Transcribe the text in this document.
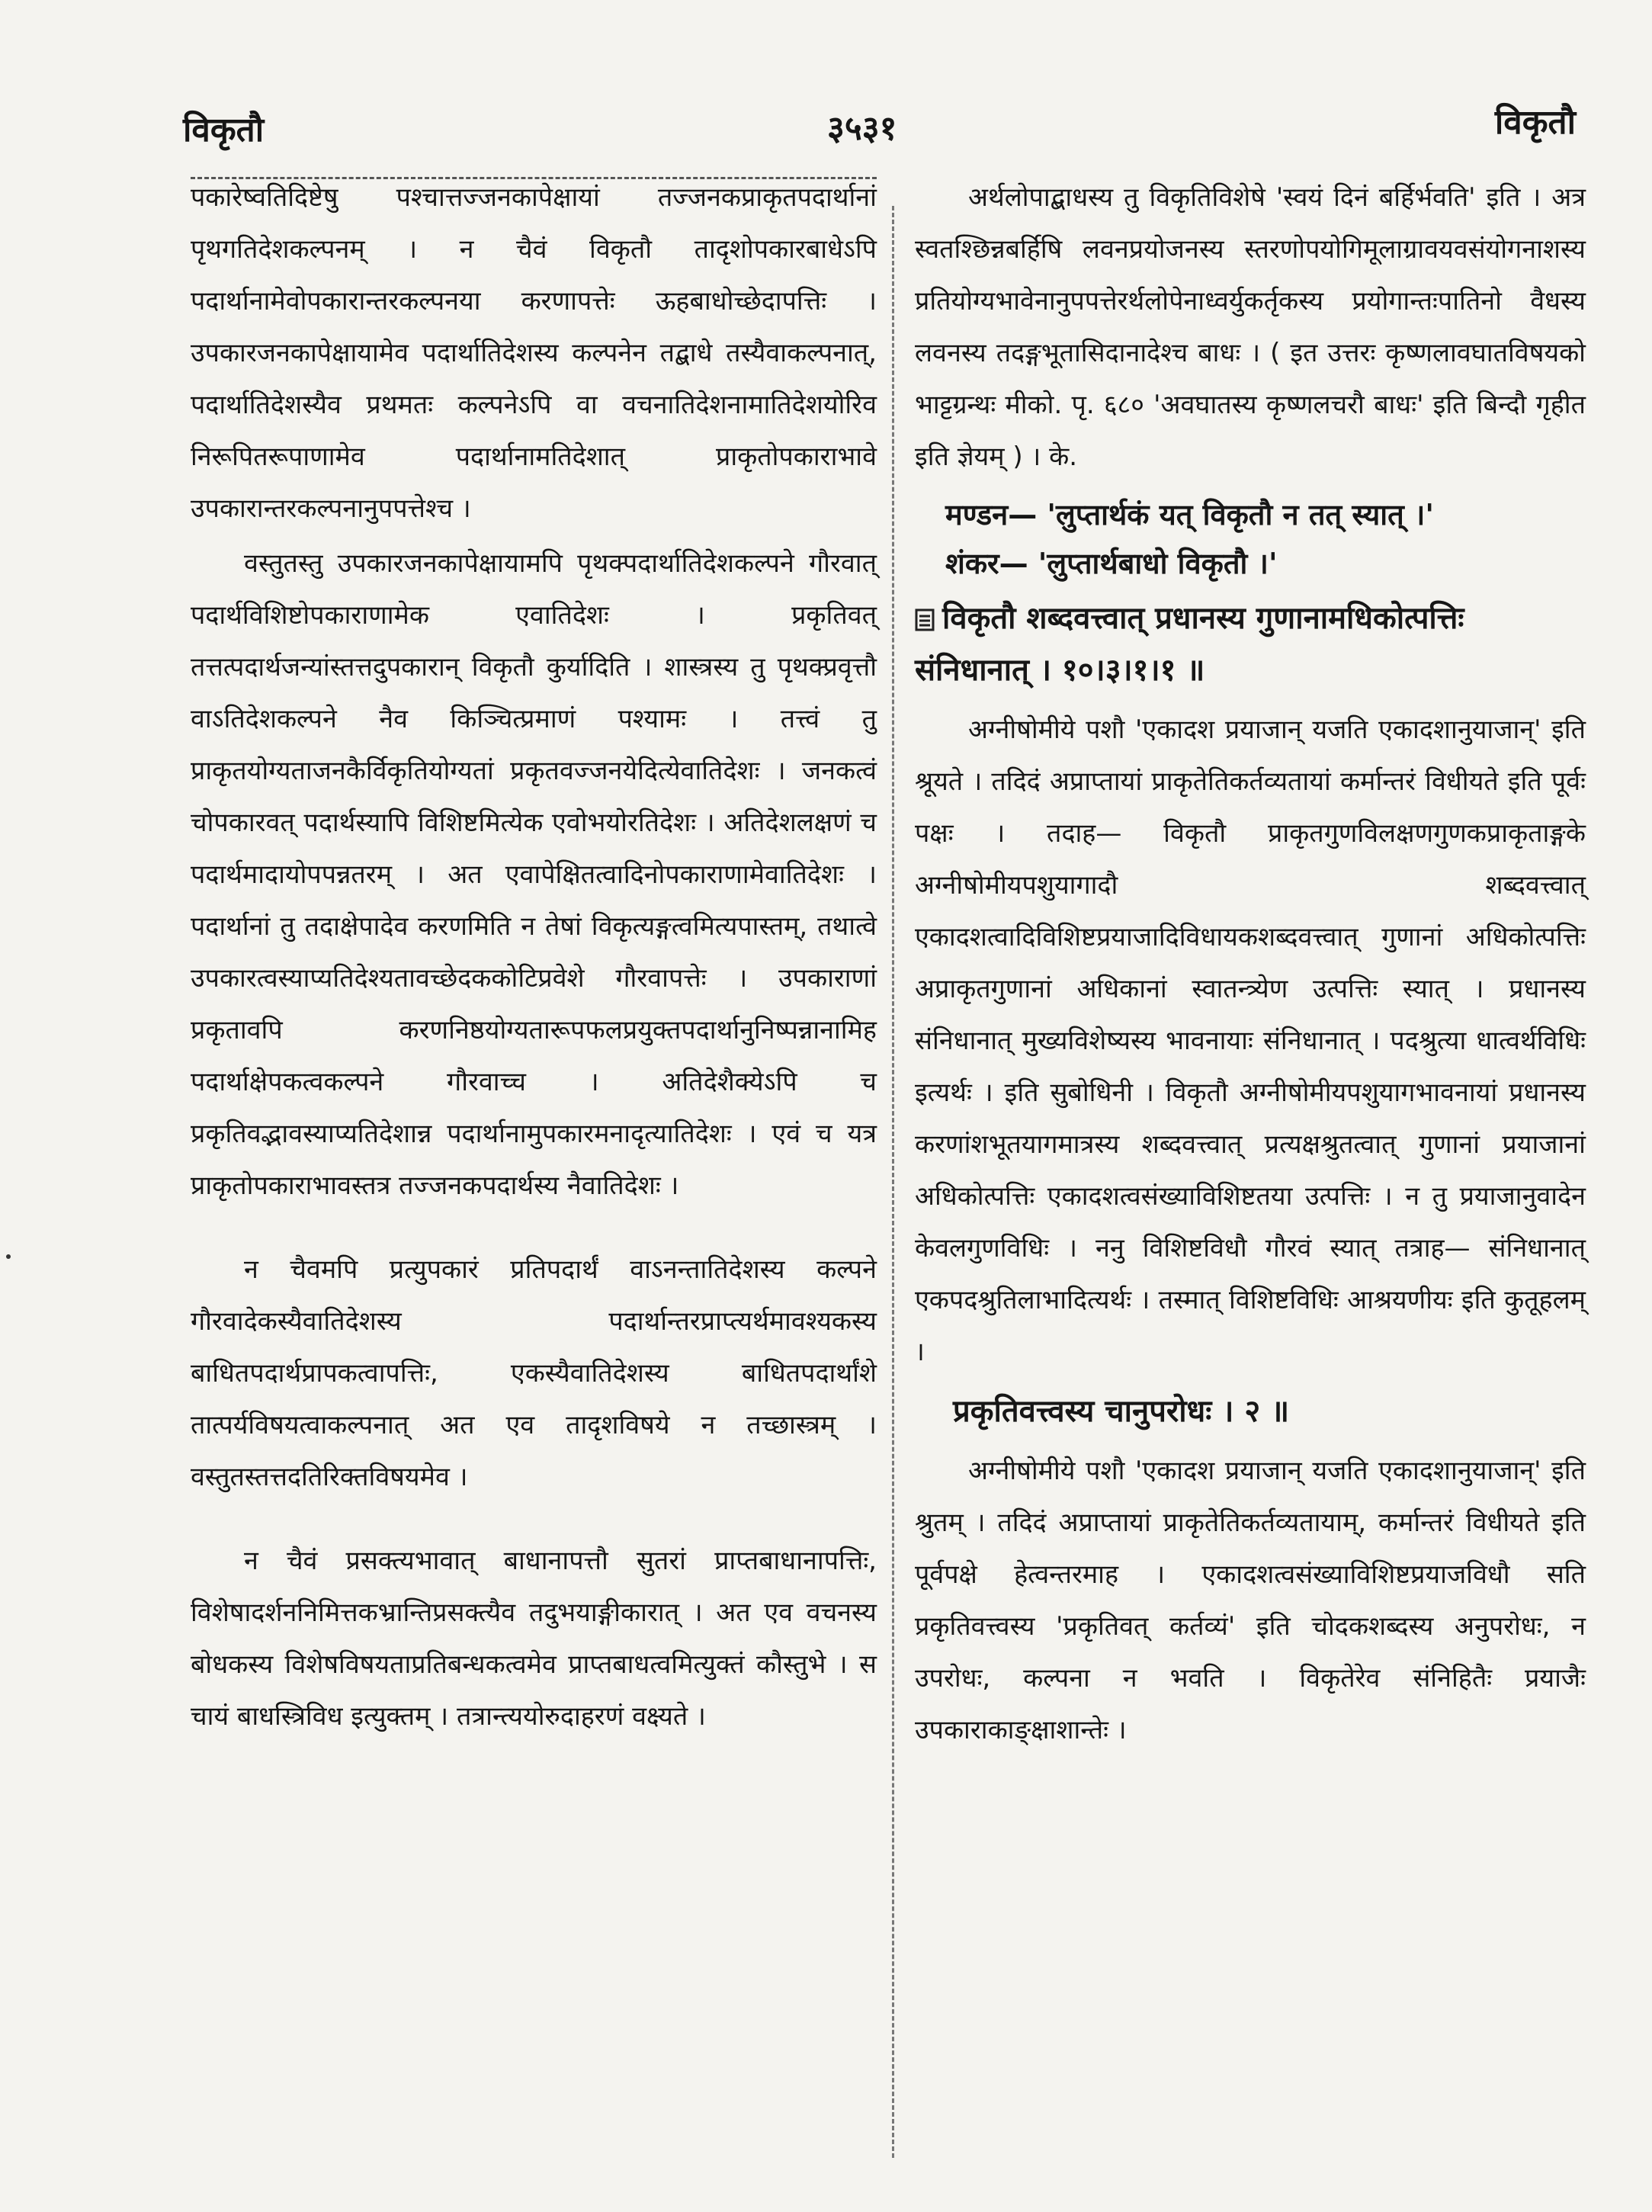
विकृतौ	३५३१	विकृतौ

पकारेष्वतिदिष्टेषु पश्चात्तज्जनकापेक्षायां तज्जनकप्राकृतपदार्थानां पृथगतिदेशकल्पनम् । न चैवं विकृतौ तादृशोपकारबाधेऽपि पदार्थानामेवोपकारान्तरकल्पनया करणापत्तेः ऊहबाधोच्छेदापत्तिः । उपकारजनकापेक्षायामेव पदार्थातिदेशस्य कल्पनेन तद्बाधे तस्यैवाकल्पनात्, पदार्थातिदेशस्यैव प्रथमतः कल्पनेऽपि वा वचनातिदेशनामातिदेशयोरिव निरूपितरूपाणामेव पदार्थानामतिदेशात् प्राकृतोपकाराभावे उपकारान्तरकल्पनानुपपत्तेश्च ।

वस्तुतस्तु उपकारजनकापेक्षायामपि पृथक्पदार्थातिदेशकल्पने गौरवात् पदार्थविशिष्टोपकाराणामेक एवातिदेशः । प्रकृतिवत् तत्तत्पदार्थजन्यांस्तत्तदुपकारान् विकृतौ कुर्यादिति । शास्त्रस्य तु पृथक्प्रवृत्तौ वाऽतिदेशकल्पने नैव किञ्चित्प्रमाणं पश्यामः । तत्त्वं तु प्राकृतयोग्यताजनकैर्विकृतियोग्यतां प्रकृतवज्जनयेदित्येवातिदेशः । जनकत्वं चोपकारवत् पदार्थस्यापि विशिष्टमित्येक एवोभयोरतिदेशः । अतिदेशलक्षणं च पदार्थमादायोपपन्नतरम् । अत एवापेक्षितत्वादिनोपकाराणामेवातिदेशः । पदार्थानां तु तदाक्षेपादेव करणमिति न तेषां विकृत्यङ्गत्वमित्यपास्तम्, तथात्वे उपकारत्वस्याप्यतिदेश्यतावच्छेदककोटिप्रवेशे गौरवापत्तेः । उपकाराणां प्रकृतावपि करणनिष्ठयोग्यतारूपफलप्रयुक्तपदार्थानुनिष्पन्नानामिह पदार्थाक्षेपकत्वकल्पने गौरवाच्च । अतिदेशैक्येऽपि च प्रकृतिवद्भावस्याप्यतिदेशान्न पदार्थानामुपकारमनादृत्यातिदेशः । एवं च यत्र प्राकृतोपकाराभावस्तत्र तज्जनकपदार्थस्य नैवातिदेशः ।

न चैवमपि प्रत्युपकारं प्रतिपदार्थं वाऽनन्तातिदेशस्य कल्पने गौरवादेकस्यैवातिदेशस्य पदार्थान्तरप्राप्त्यर्थमावश्यकस्य बाधितपदार्थप्रापकत्वापत्तिः, एकस्यैवातिदेशस्य बाधितपदार्थांशे तात्पर्यविषयत्वाकल्पनात् अत एव तादृशविषये न तच्छास्त्रम् । वस्तुतस्तत्तदतिरिक्तविषयमेव ।

न चैवं प्रसक्त्यभावात् बाधानापत्तौ सुतरां प्राप्तबाधानापत्तिः, विशेषादर्शननिमित्तकभ्रान्तिप्रसक्त्यैव तदुभयाङ्गीकारात् । अत एव वचनस्य बोधकस्य विशेषविषयताप्रतिबन्धकत्वमेव प्राप्तबाधत्वमित्युक्तं कौस्तुभे । स चायं बाधस्त्रिविध इत्युक्तम् । तत्रान्त्ययोरुदाहरणं वक्ष्यते ।

अर्थलोपाद्बाधस्य तु विकृतिविशेषे 'स्वयं दिनं बर्हिर्भवति' इति । अत्र स्वतश्छिन्नबर्हिषि लवनप्रयोजनस्य स्तरणोपयोगिमूलाग्रावयवसंयोगनाशस्य प्रतियोग्यभावेनानुपपत्तेरर्थलोपेनाध्वर्युकर्तृकस्य प्रयोगान्तःपातिनो वैधस्य लवनस्य तदङ्गभूतासिदानादेश्च बाधः । ( इत उत्तरः कृष्णलावघातविषयको भाट्टग्रन्थः मीको. पृ. ६८० 'अवघातस्य कृष्णलचरौ बाधः' इति बिन्दौ गृहीत इति ज्ञेयम् ) । के.

मण्डन— 'लुप्तार्थकं यत् विकृतौ न तत् स्यात् ।'
शंकर— 'लुप्तार्थबाधो विकृतौ ।'
विकृतौ शब्दवत्त्वात् प्रधानस्य गुणानामधिकोत्पत्तिः संनिधानात् । १०।३।१।१ ॥

अग्नीषोमीये पशौ 'एकादश प्रयाजान् यजति एकादशानुयाजान्' इति श्रूयते । तदिदं अप्राप्तायां प्राकृतेतिकर्तव्यतायां कर्मान्तरं विधीयते इति पूर्वः पक्षः । तदाह— विकृतौ प्राकृतगुणविलक्षणगुणकप्राकृताङ्गके अग्नीषोमीयपशुयागादौ शब्दवत्त्वात् एकादशत्वादिविशिष्टप्रयाजादिविधायकशब्दवत्त्वात् गुणानां अधिकोत्पत्तिः अप्राकृतगुणानां अधिकानां स्वातन्त्र्येण उत्पत्तिः स्यात् । प्रधानस्य संनिधानात् मुख्यविशेष्यस्य भावनायाः संनिधानात् । पदश्रुत्या धात्वर्थविधिः इत्यर्थः । इति सुबोधिनी । विकृतौ अग्नीषोमीयपशुयागभावनायां प्रधानस्य करणांशभूतयागमात्रस्य शब्दवत्त्वात् प्रत्यक्षश्रुतत्वात् गुणानां प्रयाजानां अधिकोत्पत्तिः एकादशत्वसंख्याविशिष्टतया उत्पत्तिः । न तु प्रयाजानुवादेन केवलगुणविधिः । ननु विशिष्टविधौ गौरवं स्यात् तत्राह— संनिधानात् एकपदश्रुतिलाभादित्यर्थः । तस्मात् विशिष्टविधिः आश्रयणीयः इति कुतूहलम् ।

प्रकृतिवत्त्वस्य चानुपरोधः । २ ॥

अग्नीषोमीये पशौ 'एकादश प्रयाजान् यजति एकादशानुयाजान्' इति श्रुतम् । तदिदं अप्राप्तायां प्राकृतेतिकर्तव्यतायाम्, कर्मान्तरं विधीयते इति पूर्वपक्षे हेत्वन्तरमाह । एकादशत्वसंख्याविशिष्टप्रयाजविधौ सति प्रकृतिवत्त्वस्य 'प्रकृतिवत् कर्तव्यं' इति चोदकशब्दस्य अनुपरोधः, न उपरोधः, कल्पना न भवति । विकृतेरेव संनिहितैः प्रयाजैः उपकाराकाङ्क्षाशान्तेः ।
